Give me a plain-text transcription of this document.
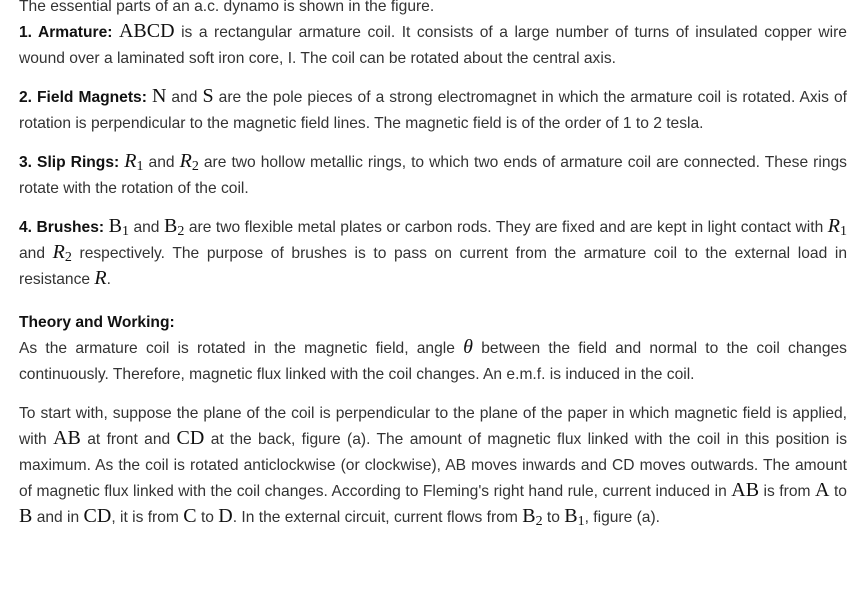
The essential parts of an a.c. dynamo is shown in the figure.

1. Armature: ABCD is a rectangular armature coil. It consists of a large number of turns of insulated copper wire wound over a laminated soft iron core, I. The coil can be rotated about the central axis.

2. Field Magnets: N and S are the pole pieces of a strong electromagnet in which the armature coil is rotated. Axis of rotation is perpendicular to the magnetic field lines. The magnetic field is of the order of 1 to 2 tesla.

3. Slip Rings: R1 and R2 are two hollow metallic rings, to which two ends of armature coil are connected. These rings rotate with the rotation of the coil.

4. Brushes: B1 and B2 are two flexible metal plates or carbon rods. They are fixed and are kept in light contact with R1 and R2 respectively. The purpose of brushes is to pass on current from the armature coil to the external load in resistance R.

Theory and Working:
As the armature coil is rotated in the magnetic field, angle θ between the field and normal to the coil changes continuously. Therefore, magnetic flux linked with the coil changes. An e.m.f. is induced in the coil.

To start with, suppose the plane of the coil is perpendicular to the plane of the paper in which magnetic field is applied, with AB at front and CD at the back, figure (a). The amount of magnetic flux linked with the coil in this position is maximum. As the coil is rotated anticlockwise (or clockwise), AB moves inwards and CD moves outwards. The amount of magnetic flux linked with the coil changes. According to Fleming's right hand rule, current induced in AB is from A to B and in CD, it is from C to D. In the external circuit, current flows from B2 to B1, figure (a).
